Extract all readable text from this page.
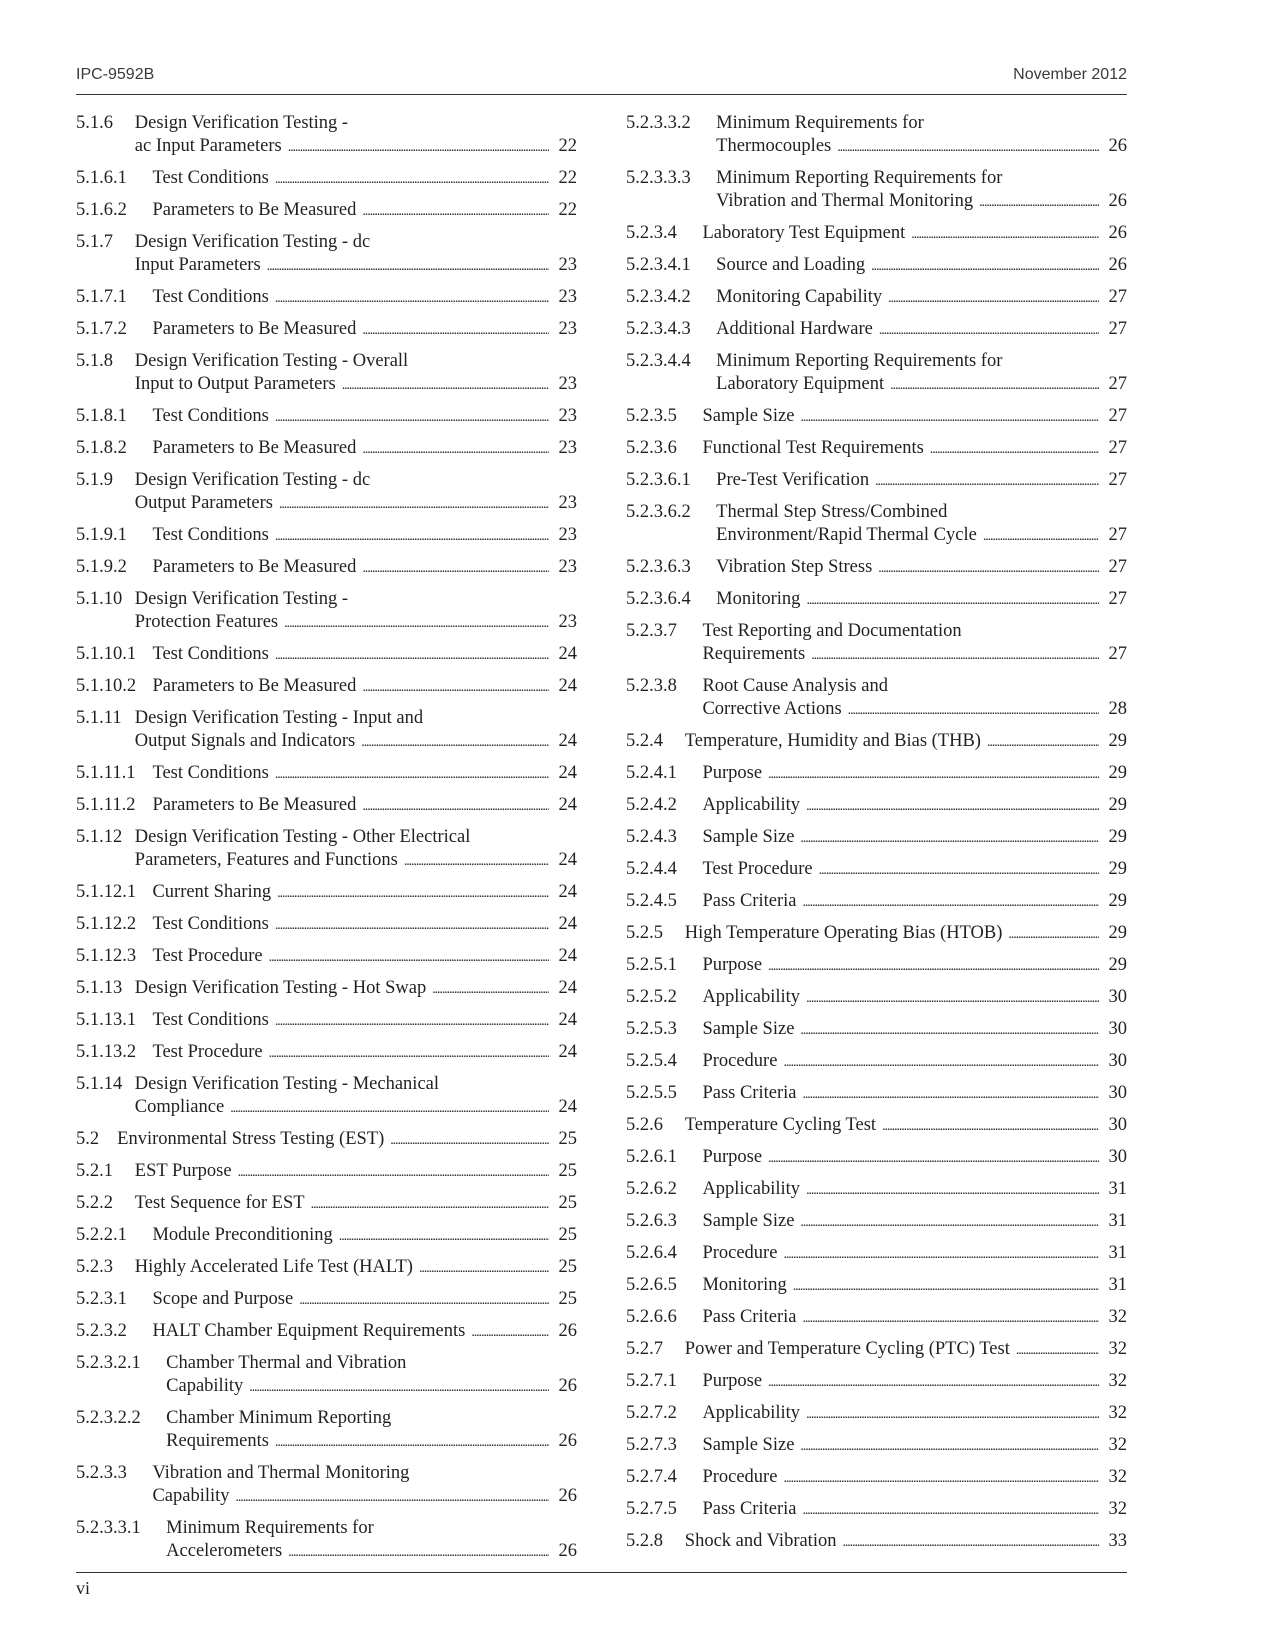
IPC-9592B	November 2012
5.1.6 Design Verification Testing -
ac Input Parameters . . .	22
5.1.6.1 Test Conditions . . .	22
5.1.6.2 Parameters to Be Measured . . .	22
5.1.7 Design Verification Testing - dc
Input Parameters . . .	23
5.1.7.1 Test Conditions . . .	23
5.1.7.2 Parameters to Be Measured . . .	23
5.1.8 Design Verification Testing - Overall
Input to Output Parameters . . .	23
5.1.8.1 Test Conditions . . .	23
5.1.8.2 Parameters to Be Measured . . .	23
5.1.9 Design Verification Testing - dc
Output Parameters . . .	23
5.1.9.1 Test Conditions . . .	23
5.1.9.2 Parameters to Be Measured . . .	23
5.1.10 Design Verification Testing -
Protection Features . . .	23
5.1.10.1 Test Conditions . . .	24
5.1.10.2 Parameters to Be Measured . . .	24
5.1.11 Design Verification Testing - Input and
Output Signals and Indicators . . .	24
5.1.11.1 Test Conditions . . .	24
5.1.11.2 Parameters to Be Measured . . .	24
5.1.12 Design Verification Testing - Other Electrical
Parameters, Features and Functions . . .	24
5.1.12.1 Current Sharing . . .	24
5.1.12.2 Test Conditions . . .	24
5.1.12.3 Test Procedure . . .	24
5.1.13 Design Verification Testing - Hot Swap . . .	24
5.1.13.1 Test Conditions . . .	24
5.1.13.2 Test Procedure . . .	24
5.1.14 Design Verification Testing - Mechanical
Compliance . . .	24
5.2 Environmental Stress Testing (EST) . . .	25
5.2.1 EST Purpose . . .	25
5.2.2 Test Sequence for EST . . .	25
5.2.2.1 Module Preconditioning . . .	25
5.2.3 Highly Accelerated Life Test (HALT) . . .	25
5.2.3.1 Scope and Purpose . . .	25
5.2.3.2 HALT Chamber Equipment Requirements . . .	26
5.2.3.2.1 Chamber Thermal and Vibration
Capability . . .	26
5.2.3.2.2 Chamber Minimum Reporting
Requirements . . .	26
5.2.3.3 Vibration and Thermal Monitoring
Capability . . .	26
5.2.3.3.1 Minimum Requirements for
Accelerometers . . .	26
5.2.3.3.2 Minimum Requirements for
Thermocouples . . .	26
5.2.3.3.3 Minimum Reporting Requirements for
Vibration and Thermal Monitoring . . .	26
5.2.3.4 Laboratory Test Equipment . . .	26
5.2.3.4.1 Source and Loading . . .	26
5.2.3.4.2 Monitoring Capability . . .	27
5.2.3.4.3 Additional Hardware . . .	27
5.2.3.4.4 Minimum Reporting Requirements for
Laboratory Equipment . . .	27
5.2.3.5 Sample Size . . .	27
5.2.3.6 Functional Test Requirements . . .	27
5.2.3.6.1 Pre-Test Verification . . .	27
5.2.3.6.2 Thermal Step Stress/Combined
Environment/Rapid Thermal Cycle . . .	27
5.2.3.6.3 Vibration Step Stress . . .	27
5.2.3.6.4 Monitoring . . .	27
5.2.3.7 Test Reporting and Documentation
Requirements . . .	27
5.2.3.8 Root Cause Analysis and
Corrective Actions . . .	28
5.2.4 Temperature, Humidity and Bias (THB) . . .	29
5.2.4.1 Purpose . . .	29
5.2.4.2 Applicability . . .	29
5.2.4.3 Sample Size . . .	29
5.2.4.4 Test Procedure . . .	29
5.2.4.5 Pass Criteria . . .	29
5.2.5 High Temperature Operating Bias (HTOB) . . .	29
5.2.5.1 Purpose . . .	29
5.2.5.2 Applicability . . .	30
5.2.5.3 Sample Size . . .	30
5.2.5.4 Procedure . . .	30
5.2.5.5 Pass Criteria . . .	30
5.2.6 Temperature Cycling Test . . .	30
5.2.6.1 Purpose . . .	30
5.2.6.2 Applicability . . .	31
5.2.6.3 Sample Size . . .	31
5.2.6.4 Procedure . . .	31
5.2.6.5 Monitoring . . .	31
5.2.6.6 Pass Criteria . . .	32
5.2.7 Power and Temperature Cycling (PTC) Test . . .	32
5.2.7.1 Purpose . . .	32
5.2.7.2 Applicability . . .	32
5.2.7.3 Sample Size . . .	32
5.2.7.4 Procedure . . .	32
5.2.7.5 Pass Criteria . . .	32
5.2.8 Shock and Vibration . . .	33
vi
